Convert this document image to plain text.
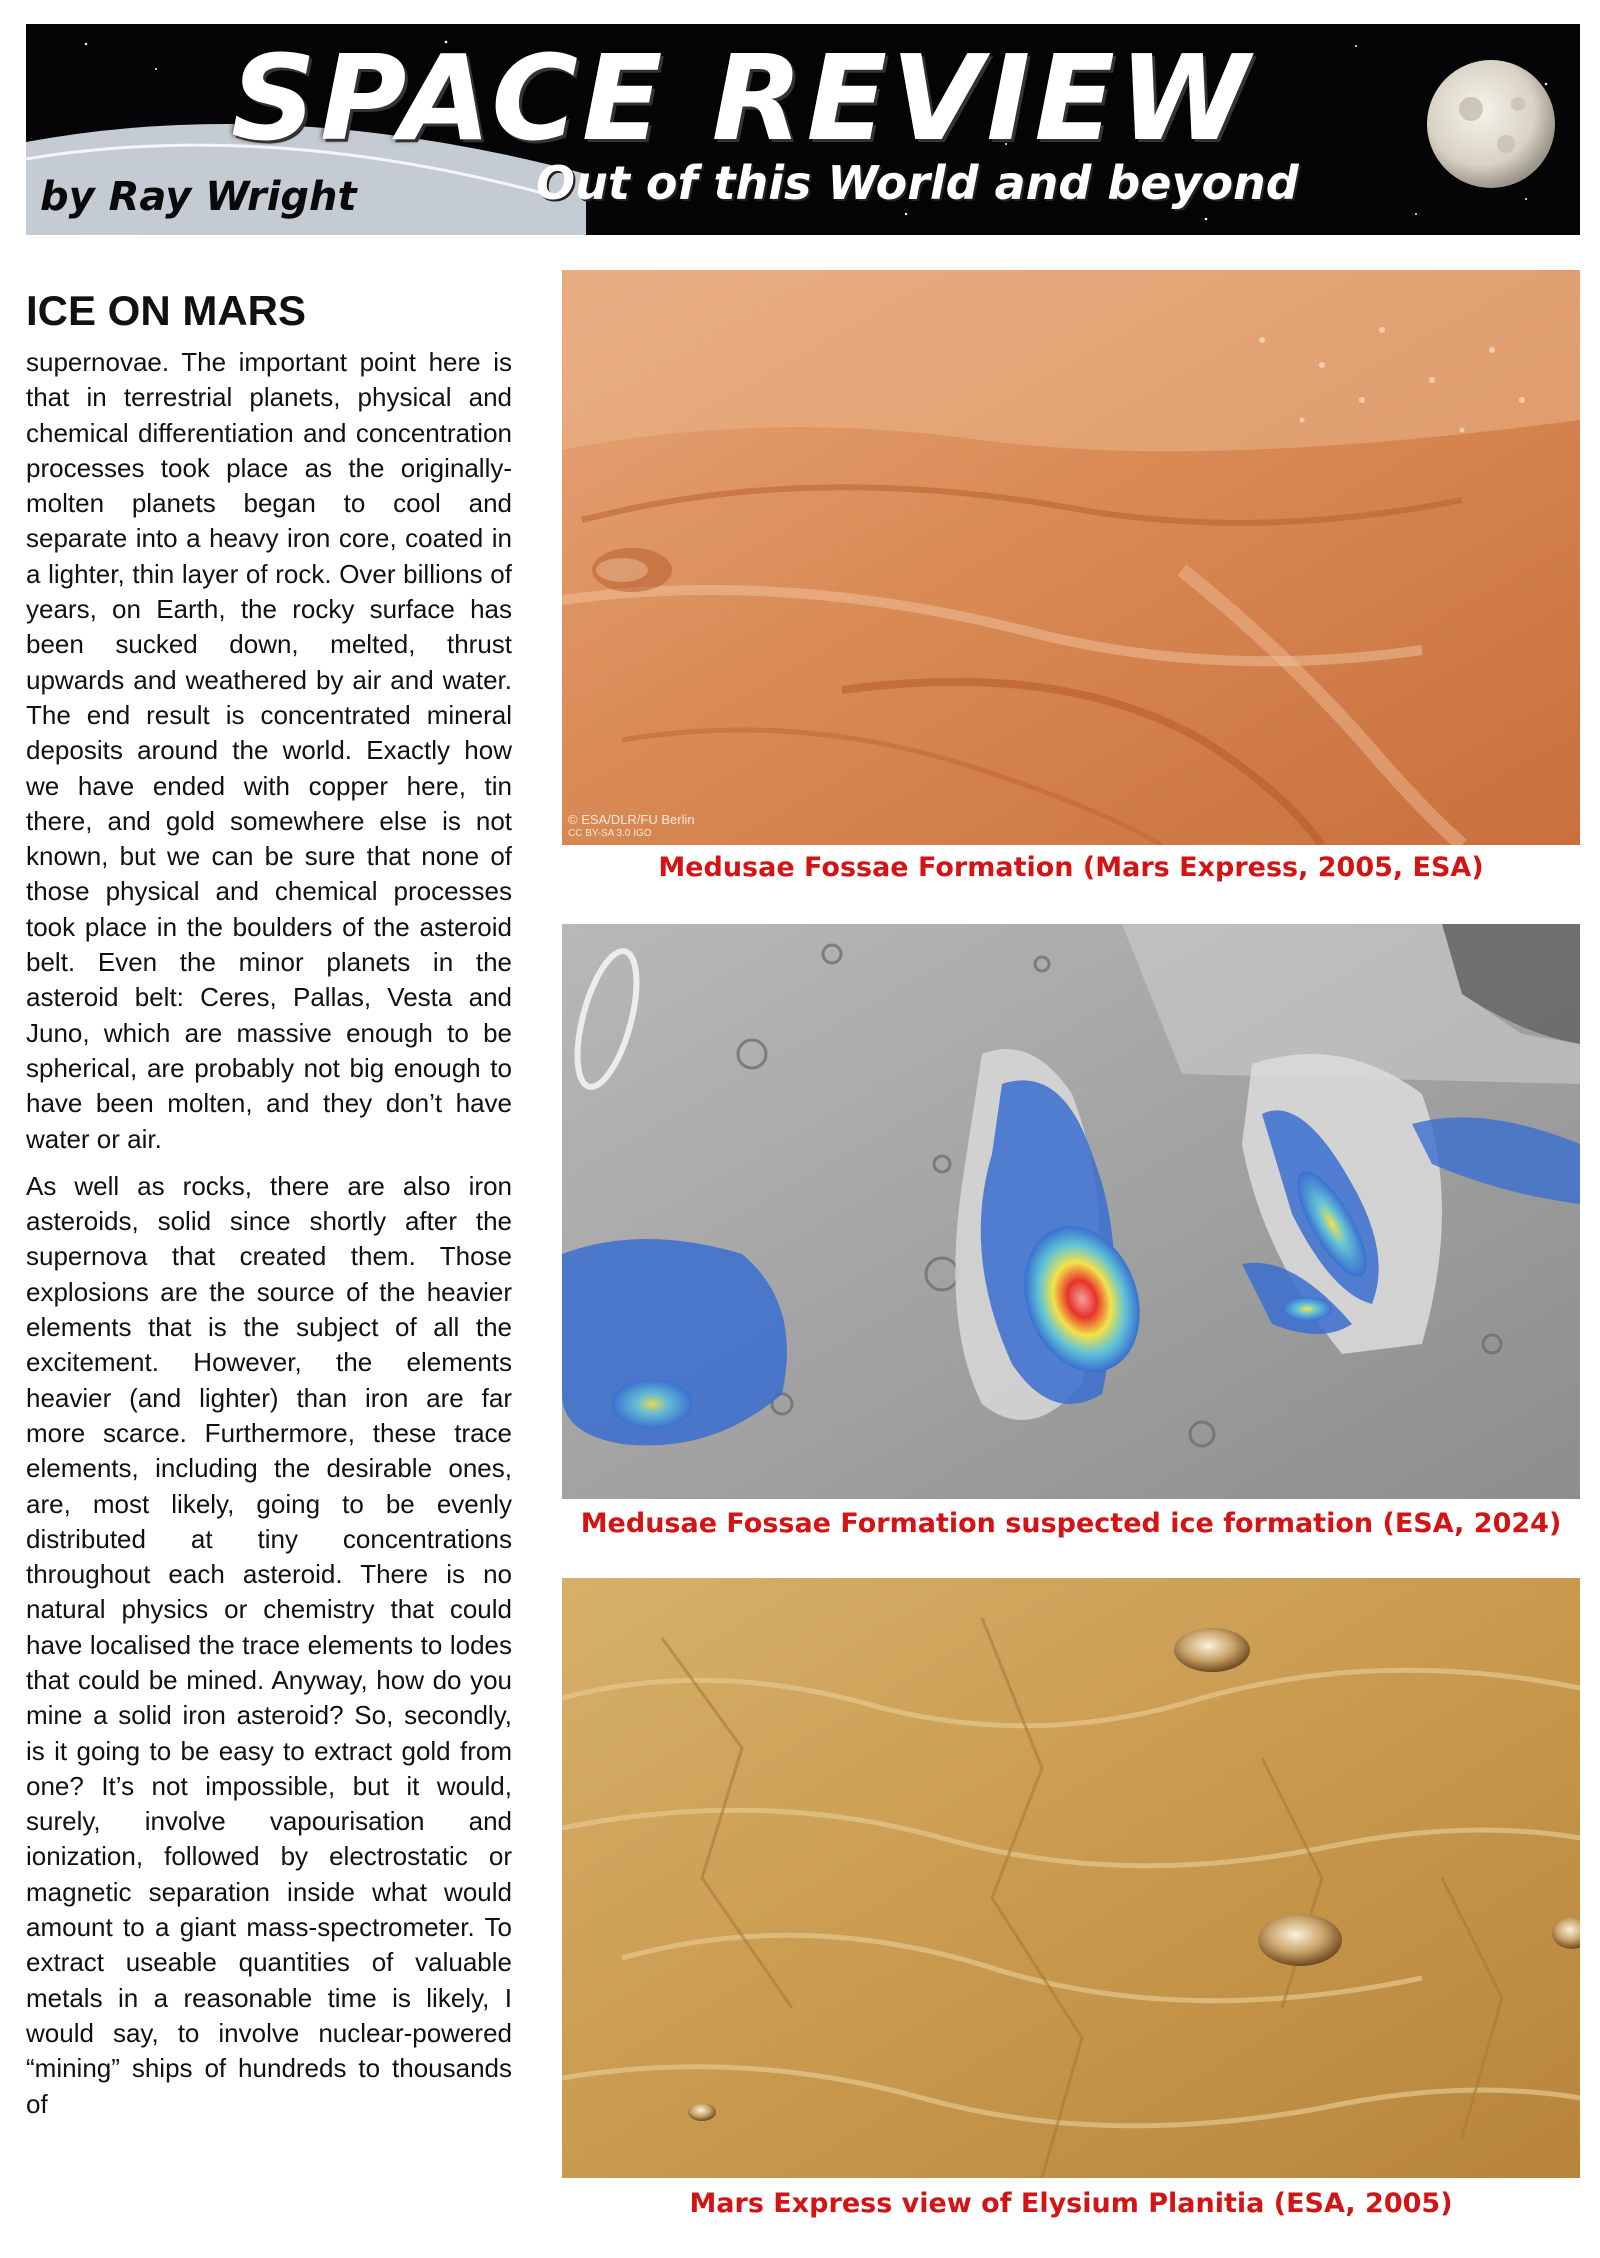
SPACE REVIEW
by Ray Wright	Out of this World and beyond
ICE ON MARS

supernovae. The important point here is that in terrestrial planets, physical and chemical differentiation and concentration processes took place as the originally-molten planets began to cool and separate into a heavy iron core, coated in a lighter, thin layer of rock. Over billions of years, on Earth, the rocky surface has been sucked down, melted, thrust upwards and weathered by air and water. The end result is concentrated mineral deposits around the world. Exactly how we have ended with copper here, tin there, and gold somewhere else is not known, but we can be sure that none of those physical and chemical processes took place in the boulders of the asteroid belt. Even the minor planets in the asteroid belt: Ceres, Pallas, Vesta and Juno, which are massive enough to be spherical, are probably not big enough to have been molten, and they don’t have water or air.

As well as rocks, there are also iron asteroids, solid since shortly after the supernova that created them. Those explosions are the source of the heavier elements that is the subject of all the excitement. However, the elements heavier (and lighter) than iron are far more scarce. Furthermore, these trace elements, including the desirable ones, are, most likely, going to be evenly distributed at tiny concentrations throughout each asteroid. There is no natural physics or chemistry that could have localised the trace elements to lodes that could be mined. Anyway, how do you mine a solid iron asteroid? So, secondly, is it going to be easy to extract gold from one? It’s not impossible, but it would, surely, involve vapourisation and ionization, followed by electrostatic or magnetic separation inside what would amount to a giant mass-spectrometer. To extract useable quantities of valuable metals in a reasonable time is likely, I would say, to involve nuclear-powered “mining” ships of hundreds to thousands of

© ESA/DLR/FU Berlin
CC BY-SA 3.0 IGO
Medusae Fossae Formation (Mars Express, 2005, ESA)
Medusae Fossae Formation suspected ice formation (ESA, 2024)
Mars Express view of Elysium Planitia (ESA, 2005)
